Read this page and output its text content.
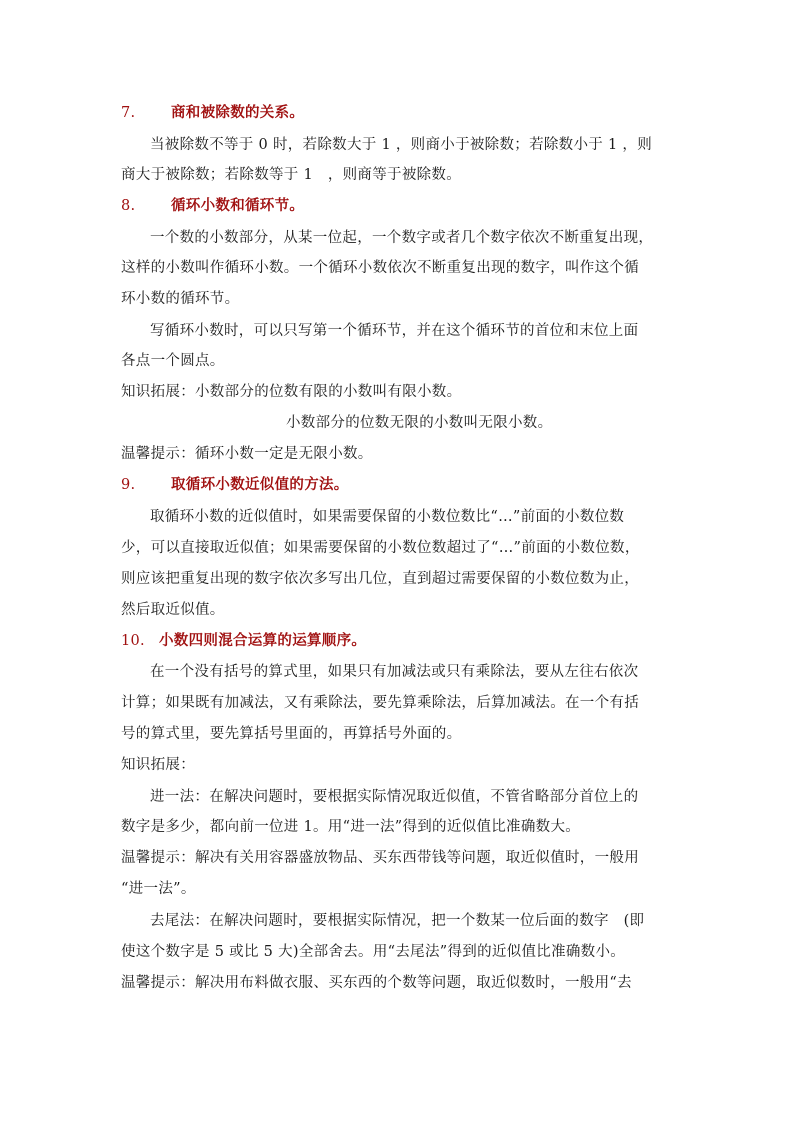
7. 商和被除数的关系。
当被除数不等于 0 时，若除数大于 1 ，则商小于被除数；若除数小于 1 ，则
商大于被除数；若除数等于 1　，则商等于被除数。
8. 循环小数和循环节。
一个数的小数部分，从某一位起，一个数字或者几个数字依次不断重复出现，
这样的小数叫作循环小数。一个循环小数依次不断重复出现的数字，叫作这个循
环小数的循环节。
写循环小数时，可以只写第一个循环节，并在这个循环节的首位和末位上面
各点一个圆点。
知识拓展：小数部分的位数有限的小数叫有限小数。
小数部分的位数无限的小数叫无限小数。
温馨提示：循环小数一定是无限小数。
9. 取循环小数近似值的方法。
取循环小数的近似值时，如果需要保留的小数位数比“…”前面的小数位数
少，可以直接取近似值；如果需要保留的小数位数超过了“…”前面的小数位数，
则应该把重复出现的数字依次多写出几位，直到超过需要保留的小数位数为止，
然后取近似值。
10. 小数四则混合运算的运算顺序。
在一个没有括号的算式里，如果只有加减法或只有乘除法，要从左往右依次
计算；如果既有加减法，又有乘除法，要先算乘除法，后算加减法。在一个有括
号的算式里，要先算括号里面的，再算括号外面的。
知识拓展：
进一法：在解决问题时，要根据实际情况取近似值，不管省略部分首位上的
数字是多少，都向前一位进 1。用“进一法”得到的近似值比准确数大。
温馨提示：解决有关用容器盛放物品、买东西带钱等问题，取近似值时，一般用
“进一法”。
去尾法：在解决问题时，要根据实际情况，把一个数某一位后面的数字　(即
使这个数字是 5 或比 5 大)全部舍去。用“去尾法”得到的近似值比准确数小。
温馨提示：解决用布料做衣服、买东西的个数等问题，取近似数时，一般用“去
